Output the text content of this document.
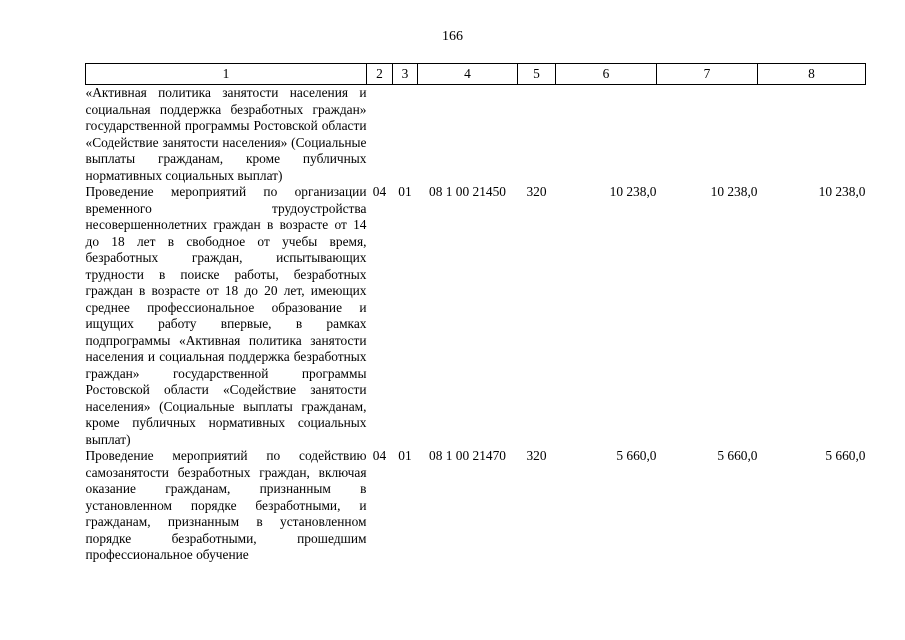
166
1	2	3	4	5	6	7	8
«Активная политика занятости населения и социальная поддержка безработных граждан» государственной программы Ростовской области «Содействие занятости населения» (Социальные выплаты гражданам, кроме публичных нормативных социальных выплат)							
Проведение мероприятий по организации временного трудоустройства несовершеннолетних граждан в возрасте от 14 до 18 лет в свободное от учебы время, безработных граждан, испытывающих трудности в поиске работы, безработных граждан в возрасте от 18 до 20 лет, имеющих среднее профессиональное образование и ищущих работу впервые, в рамках подпрограммы «Активная политика занятости населения и социальная поддержка безработных граждан» государственной программы Ростовской области «Содействие занятости населения» (Социальные выплаты гражданам, кроме публичных нормативных социальных выплат)	04	01	08 1 00 21450	320	10 238,0	10 238,0	10 238,0
Проведение мероприятий по содействию самозанятости безработных граждан, включая оказание гражданам, признанным в установленном порядке безработными, и гражданам, признанным в установленном порядке безработными, прошедшим профессиональное обучение	04	01	08 1 00 21470	320	5 660,0	5 660,0	5 660,0
